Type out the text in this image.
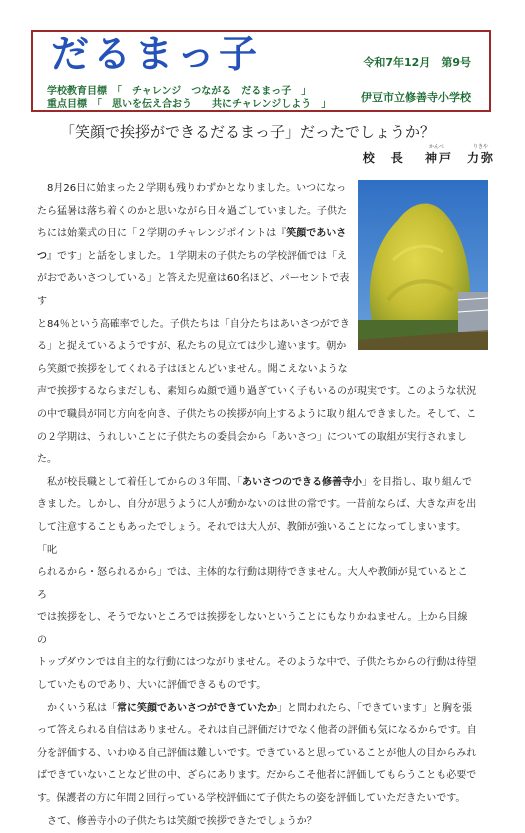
だるまっ子	令和7年12月　第9号
学校教育目標　「　チャレンジ　つながる　だるまっ子　」
重点目標　「　思いを伝え合おう　　共にチャレンジしよう　」
伊豆市立修善寺小学校
「笑顔で挨拶ができるだるまっ子」だったでしょうか？
校　長　
かんべ	りきや
神戸　力弥
8月26日に始まった２学期も残りわずかとなりました。いつになっ
たら猛暑は落ち着くのかと思いながら日々過ごしていました。子供た
ちには始業式の日に「２学期のチャレンジポイントは『笑顔であいさ
つ』です」と話をしました。１学期末の子供たちの学校評価では「え
がおであいさつしている」と答えた児童は60名ほど、パーセントで表す
と84％という高確率でした。子供たちは「自分たちはあいさつができ
る」と捉えているようですが、私たちの見立ては少し違います。朝か
ら笑顔で挨拶をしてくれる子はほとんどいません。聞こえないような
声で挨拶するならまだしも、素知らぬ顔で通り過ぎていく子もいるのが現実です。このような状況
の中で職員が同じ方向を向き、子供たちの挨拶が向上するように取り組んできました。そして、こ
の２学期は、うれしいことに子供たちの委員会から「あいさつ」についての取組が実行されました。
私が校長職として着任してからの３年間、「あいさつのできる修善寺小」を目指し、取り組んで
きました。しかし、自分が思うように人が動かないのは世の常です。一昔前ならば、大きな声を出
して注意することもあったでしょう。それでは大人が、教師が強いることになってしまいます。「叱
られるから・怒られるから」では、主体的な行動は期待できません。大人や教師が見ているところ
では挨拶をし、そうでないところでは挨拶をしないということにもなりかねません。上から目線の
トップダウンでは自主的な行動にはつながりません。そのような中で、子供たちからの行動は待望
していたものであり、大いに評価できるものです。
かくいう私は「常に笑顔であいさつができていたか」と問われたら、「できています」と胸を張
って答えられる自信はありません。それは自己評価だけでなく他者の評価も気になるからです。自
分を評価する、いわゆる自己評価は難しいです。できていると思っていることが他人の目からみれ
ばできていないことなど世の中、ざらにあります。だからこそ他者に評価してもらうことも必要で
す。保護者の方に年間２回行っている学校評価にて子供たちの姿を評価していただきたいです。
さて、修善寺小の子供たちは笑顔で挨拶できたでしょうか？
